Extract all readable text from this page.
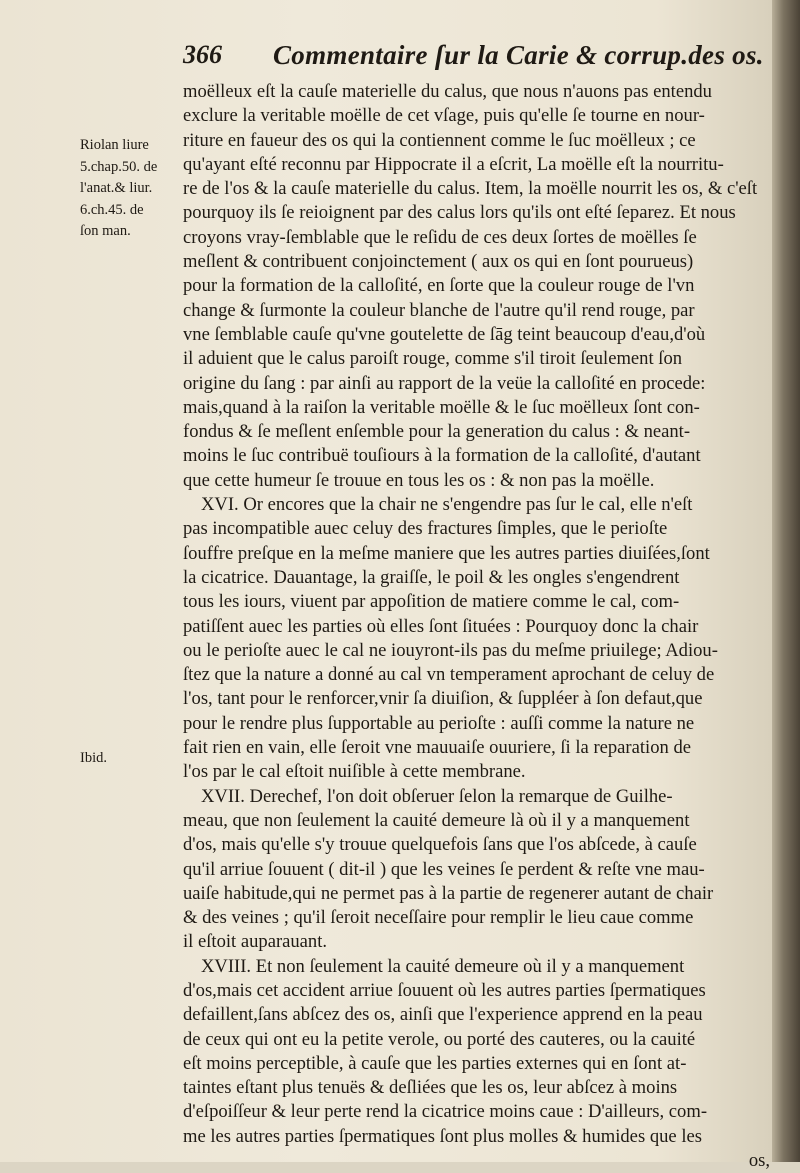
366 Commentaire ſur la Carie & corrup.des os.
Riolan liure
5.chap.50. de
l'anat.& liur.
6.ch.45. de
ſon man.
Ibid.
moëlleux eſt la cauſe materielle du calus, que nous n'auons pas entendu
exclure la veritable moëlle de cet vſage, puis qu'elle ſe tourne en nour-
riture en faueur des os qui la contiennent comme le ſuc moëlleux ; ce
qu'ayant eſté reconnu par Hippocrate il a eſcrit, La moëlle eſt la nourritu-
re de l'os & la cauſe materielle du calus. Item, la moëlle nourrit les os, & c'eſt
pourquoy ils ſe reioignent par des calus lors qu'ils ont eſté ſeparez. Et nous
croyons vray-ſemblable que le reſidu de ces deux ſortes de moëlles ſe
meſlent & contribuent conjoinctement ( aux os qui en ſont pourueus)
pour la formation de la calloſité, en ſorte que la couleur rouge de l'vn
change & ſurmonte la couleur blanche de l'autre qu'il rend rouge, par
vne ſemblable cauſe qu'vne goutelette de ſāg teint beaucoup d'eau,d'où
il aduient que le calus paroiſt rouge, comme s'il tiroit ſeulement ſon
origine du ſang : par ainſi au rapport de la veüe la calloſité en procede:
mais,quand à la raiſon la veritable moëlle & le ſuc moëlleux ſont con-
fondus & ſe meſlent enſemble pour la generation du calus : & neant-
moins le ſuc contribuë touſiours à la formation de la calloſité, d'autant
que cette humeur ſe trouue en tous les os : & non pas la moëlle.
XVI. Or encores que la chair ne s'engendre pas ſur le cal, elle n'eſt
pas incompatible auec celuy des fractures ſimples, que le perioſte
ſouffre preſque en la meſme maniere que les autres parties diuiſées,ſont
la cicatrice. Dauantage, la graiſſe, le poil & les ongles s'engendrent
tous les iours, viuent par appoſition de matiere comme le cal, com-
patiſſent auec les parties où elles ſont ſituées : Pourquoy donc la chair
ou le perioſte auec le cal ne iouyront-ils pas du meſme priuilege; Adiou-
ſtez que la nature a donné au cal vn temperament aprochant de celuy de
l'os, tant pour le renforcer,vnir ſa diuiſion, & ſuppléer à ſon defaut,que
pour le rendre plus ſupportable au perioſte : auſſi comme la nature ne
fait rien en vain, elle ſeroit vne mauuaiſe ouuriere, ſi la reparation de
l'os par le cal eſtoit nuiſible à cette membrane.
XVII. Derechef, l'on doit obſeruer ſelon la remarque de Guilhe-
meau, que non ſeulement la cauité demeure là où il y a manquement
d'os, mais qu'elle s'y trouue quelquefois ſans que l'os abſcede, à cauſe
qu'il arriue ſouuent ( dit-il ) que les veines ſe perdent & reſte vne mau-
uaiſe habitude,qui ne permet pas à la partie de regenerer autant de chair
& des veines ; qu'il ſeroit neceſſaire pour remplir le lieu caue comme
il eſtoit auparauant.
XVIII. Et non ſeulement la cauité demeure où il y a manquement
d'os,mais cet accident arriue ſouuent où les autres parties ſpermatiques
defaillent,ſans abſcez des os, ainſi que l'experience apprend en la peau
de ceux qui ont eu la petite verole, ou porté des cauteres, ou la cauité
eſt moins perceptible, à cauſe que les parties externes qui en ſont at-
taintes eſtant plus tenuës & deſliées que les os, leur abſcez à moins
d'eſpoiſſeur & leur perte rend la cicatrice moins caue : D'ailleurs, com-
me les autres parties ſpermatiques ſont plus molles & humides que les
os,
